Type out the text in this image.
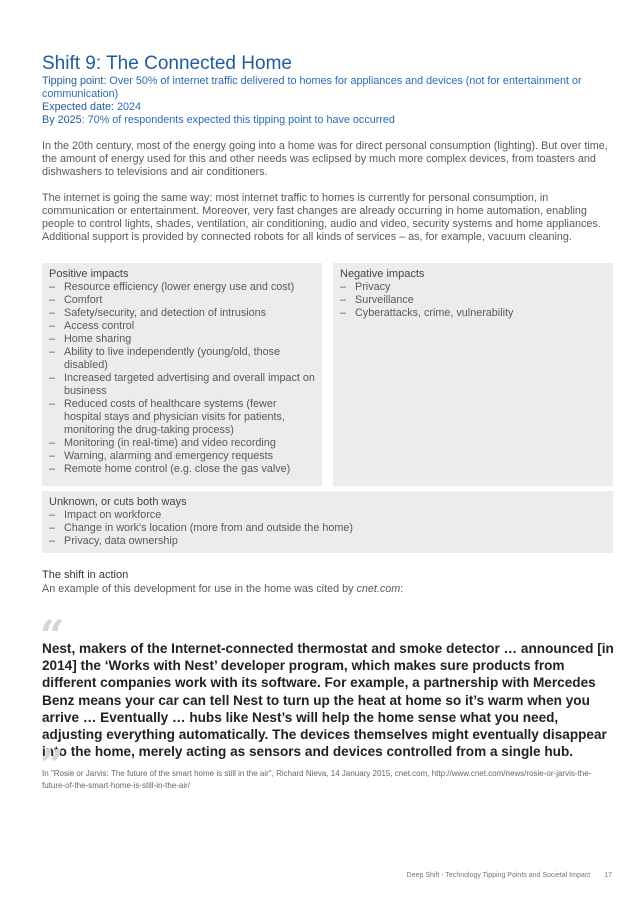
Shift 9: The Connected Home
Tipping point: Over 50% of internet traffic delivered to homes for appliances and devices (not for entertainment or communication)
Expected date: 2024
By 2025: 70% of respondents expected this tipping point to have occurred

In the 20th century, most of the energy going into a home was for direct personal consumption (lighting). But over time, the amount of energy used for this and other needs was eclipsed by much more complex devices, from toasters and dishwashers to televisions and air conditioners.

The internet is going the same way: most internet traffic to homes is currently for personal consumption, in communication or entertainment. Moreover, very fast changes are already occurring in home automation, enabling people to control lights, shades, ventilation, air conditioning, audio and video, security systems and home appliances. Additional support is provided by connected robots for all kinds of services – as, for example, vacuum cleaning.

Positive impacts
– Resource efficiency (lower energy use and cost)
– Comfort
– Safety/security, and detection of intrusions
– Access control
– Home sharing
– Ability to live independently (young/old, those disabled)
– Increased targeted advertising and overall impact on business
– Reduced costs of healthcare systems (fewer hospital stays and physician visits for patients, monitoring the drug-taking process)
– Monitoring (in real-time) and video recording
– Warning, alarming and emergency requests
– Remote home control (e.g. close the gas valve)
Negative impacts
– Privacy
– Surveillance
– Cyberattacks, crime, vulnerability
Unknown, or cuts both ways
– Impact on workforce
– Change in work's location (more from and outside the home)
– Privacy, data ownership
The shift in action
An example of this development for use in the home was cited by cnet.com:
“

Nest, makers of the Internet-connected thermostat and smoke detector … announced [in 2014] the ‘Works with Nest’ developer program, which makes sure products from different companies work with its software. For example, a partnership with Mercedes Benz means your car can tell Nest to turn up the heat at home so it’s warm when you arrive … Eventually … hubs like Nest’s will help the home sense what you need, adjusting everything automatically. The devices themselves might eventually disappear into the home, merely acting as sensors and devices controlled from a single hub.

”

In "Rosie or Jarvis: The future of the smart home is still in the air", Richard Nieva, 14 January 2015, cnet.com, http://www.cnet.com/news/rosie-or-jarvis-the-future-of-the-smart-home-is-still-in-the-air/

Deep Shift - Technology Tipping Points and Societal Impact 17
